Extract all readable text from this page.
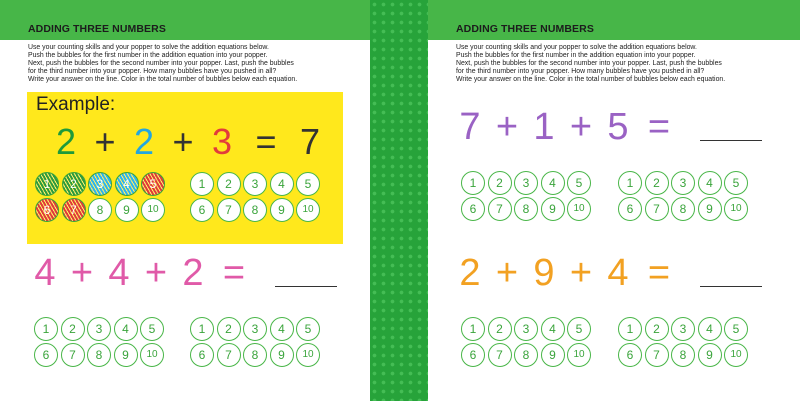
ADDING THREE NUMBERS
Use your counting skills and your popper to solve the addition equations below.
Push the bubbles for the first number in the addition equation into your popper.
Next, push the bubbles for the second number into your popper. Last, push the bubbles
for the third number into your popper. How many bubbles have you pushed in all?
Write your answer on the line. Color in the total number of bubbles below each equation.
Example:
2 + 2 + 3 = 7
1	2	3	4	5
6	7	8	9	10
1	2	3	4	5
6	7	8	9	10
4 + 4 + 2 =
1	2	3	4	5
6	7	8	9	10
1	2	3	4	5
6	7	8	9	10
ADDING THREE NUMBERS
Use your counting skills and your popper to solve the addition equations below.
Push the bubbles for the first number in the addition equation into your popper.
Next, push the bubbles for the second number into your popper. Last, push the bubbles
for the third number into your popper. How many bubbles have you pushed in all?
Write your answer on the line. Color in the total number of bubbles below each equation.
7 + 1 + 5 =
1	2	3	4	5
6	7	8	9	10
1	2	3	4	5
6	7	8	9	10
2 + 9 + 4 =
1	2	3	4	5
6	7	8	9	10
1	2	3	4	5
6	7	8	9	10
